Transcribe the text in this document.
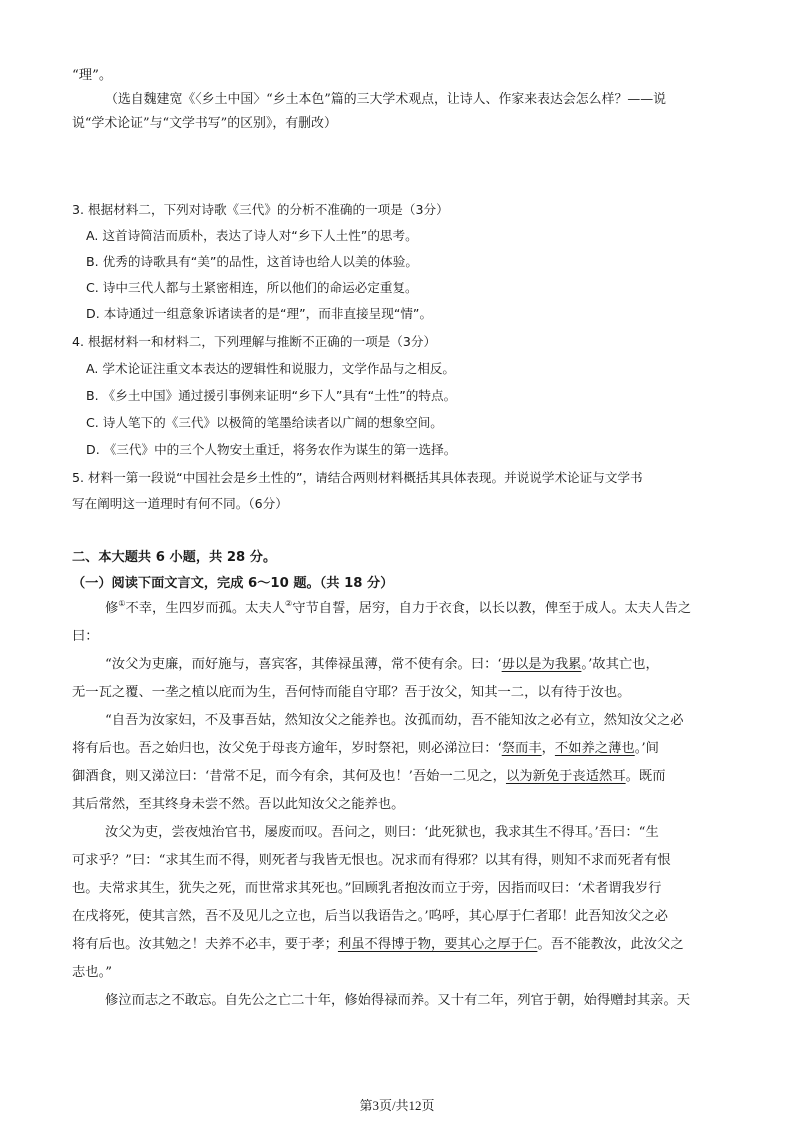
“理”。
（选自魏建宽《〈乡土中国〉“乡土本色”篇的三大学术观点，让诗人、作家来表达会怎么样？——说
说“学术论证”与“文学书写”的区别》，有删改）
3. 根据材料二，下列对诗歌《三代》的分析不准确的一项是（3分）
A. 这首诗简洁而质朴，表达了诗人对“乡下人土性”的思考。
B. 优秀的诗歌具有“美”的品性，这首诗也给人以美的体验。
C. 诗中三代人都与土紧密相连，所以他们的命运必定重复。
D. 本诗通过一组意象诉诸读者的是“理”，而非直接呈现“情”。
4. 根据材料一和材料二，下列理解与推断不正确的一项是（3分）
A. 学术论证注重文本表达的逻辑性和说服力，文学作品与之相反。
B. 《乡土中国》通过援引事例来证明“乡下人”具有“土性”的特点。
C. 诗人笔下的《三代》以极简的笔墨给读者以广阔的想象空间。
D. 《三代》中的三个人物安土重迁，将务农作为谋生的第一选择。
5. 材料一第一段说“中国社会是乡土性的”，请结合两则材料概括其具体表现。并说说学术论证与文学书
写在阐明这一道理时有何不同。（6分）
二、本大题共 6 小题，共 28 分。
（一）阅读下面文言文，完成 6～10 题。（共 18 分）
修①不幸，生四岁而孤。太夫人②守节自誓，居穷，自力于衣食，以长以教，俾至于成人。太夫人告之
曰：
“汝父为吏廉，而好施与，喜宾客，其俸禄虽薄，常不使有余。曰：‘毋以是为我累。’故其亡也，
无一瓦之覆、一垄之植以庇而为生，吾何恃而能自守耶？吾于汝父，知其一二，以有待于汝也。
“自吾为汝家妇，不及事吾姑，然知汝父之能养也。汝孤而幼，吾不能知汝之必有立，然知汝父之必
将有后也。吾之始归也，汝父免于母丧方逾年，岁时祭祀，则必涕泣曰：‘祭而丰，不如养之薄也。’间
御酒食，则又涕泣曰：‘昔常不足，而今有余，其何及也！’吾始一二见之，以为新免于丧适然耳。既而
其后常然，至其终身未尝不然。吾以此知汝父之能养也。
汝父为吏，尝夜烛治官书，屡废而叹。吾问之，则曰：‘此死狱也，我求其生不得耳。’吾曰：“生
可求乎？”曰：“求其生而不得，则死者与我皆无恨也。况求而有得邪？以其有得，则知不求而死者有恨
也。夫常求其生，犹失之死，而世常求其死也。”回顾乳者抱汝而立于旁，因指而叹曰：‘术者谓我岁行
在戌将死，使其言然，吾不及见儿之立也，后当以我语告之。’呜呼，其心厚于仁者耶！此吾知汝父之必
将有后也。汝其勉之！夫养不必丰，要于孝；利虽不得博于物，要其心之厚于仁。吾不能教汝，此汝父之
志也。”
修泣而志之不敢忘。自先公之亡二十年，修始得禄而养。又十有二年，列官于朝，始得赠封其亲。天
第3页/共12页
